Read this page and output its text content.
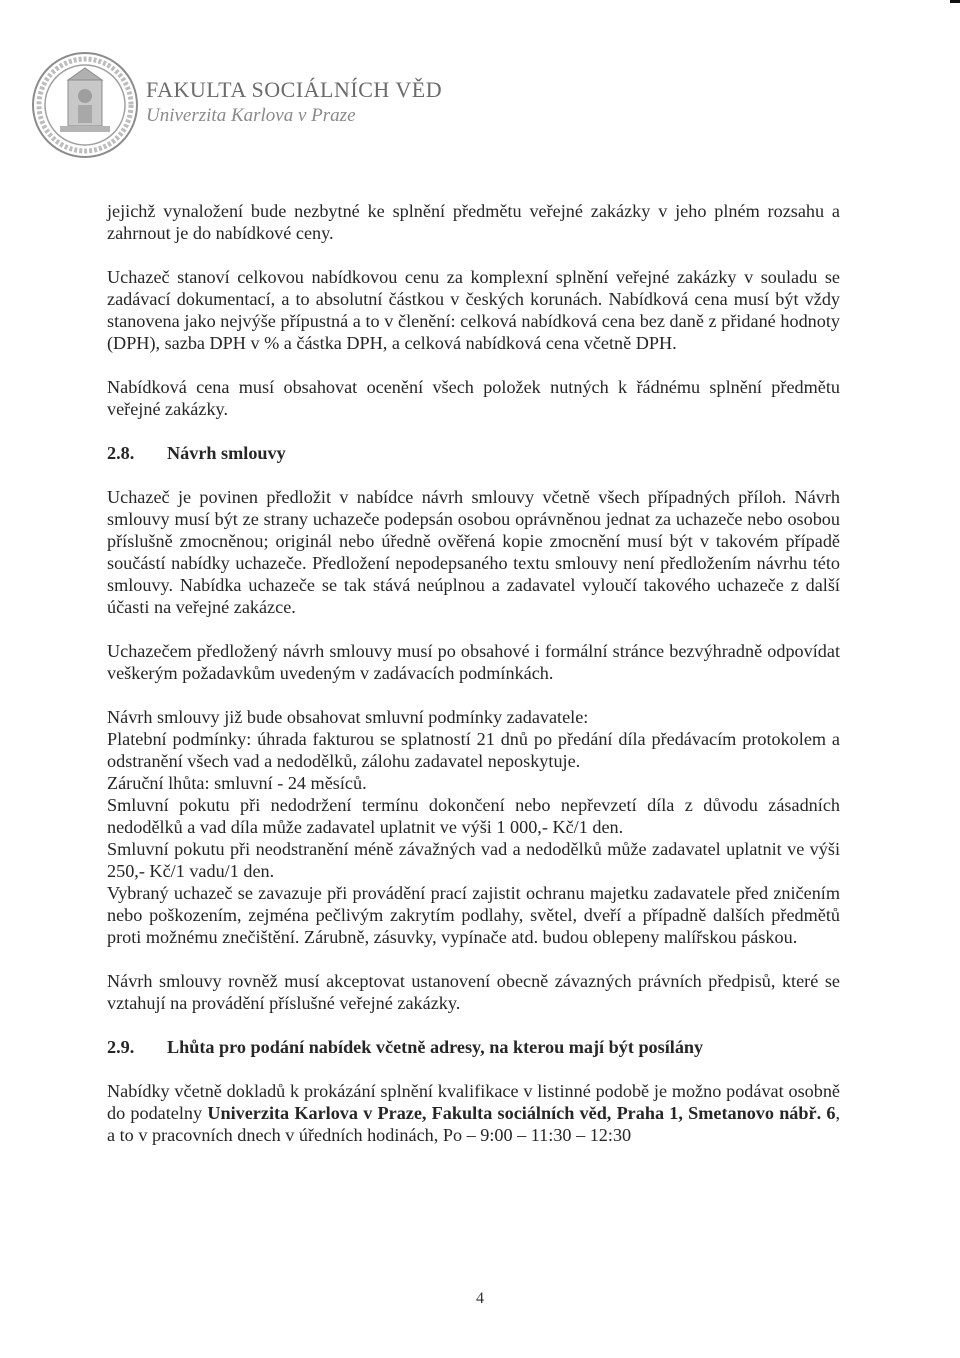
FAKULTA SOCIÁLNÍCH VĚD
Univerzita Karlova v Praze

jejichž vynaložení bude nezbytné ke splnění předmětu veřejné zakázky v jeho plném rozsahu a zahrnout je do nabídkové ceny.

Uchazeč stanoví celkovou nabídkovou cenu za komplexní splnění veřejné zakázky v souladu se zadávací dokumentací, a to absolutní částkou v českých korunách. Nabídková cena musí být vždy stanovena jako nejvýše přípustná a to v členění: celková nabídková cena bez daně z přidané hodnoty (DPH), sazba DPH v % a částka DPH, a celková nabídková cena včetně DPH.

Nabídková cena musí obsahovat ocenění všech položek nutných k řádnému splnění předmětu veřejné zakázky.

2.8.	Návrh smlouvy

Uchazeč je povinen předložit v nabídce návrh smlouvy včetně všech případných příloh. Návrh smlouvy musí být ze strany uchazeče podepsán osobou oprávněnou jednat za uchazeče nebo osobou příslušně zmocněnou; originál nebo úředně ověřená kopie zmocnění musí být v takovém případě součástí nabídky uchazeče. Předložení nepodepsaného textu smlouvy není předložením návrhu této smlouvy. Nabídka uchazeče se tak stává neúplnou a zadavatel vyloučí takového uchazeče z další účasti na veřejné zakázce.

Uchazečem předložený návrh smlouvy musí po obsahové i formální stránce bezvýhradně odpovídat veškerým požadavkům uvedeným v zadávacích podmínkách.

Návrh smlouvy již bude obsahovat smluvní podmínky zadavatele:

Platební podmínky: úhrada fakturou se splatností 21 dnů po předání díla předávacím protokolem a odstranění všech vad a nedodělků, zálohu zadavatel neposkytuje.

Záruční lhůta: smluvní - 24 měsíců.

Smluvní pokutu při nedodržení termínu dokončení nebo nepřevzetí díla z důvodu zásadních nedodělků a vad díla může zadavatel uplatnit ve výši 1 000,- Kč/1 den.

Smluvní pokutu při neodstranění méně závažných vad a nedodělků může zadavatel uplatnit ve výši 250,- Kč/1 vadu/1 den.

Vybraný uchazeč se zavazuje při provádění prací zajistit ochranu majetku zadavatele před zničením nebo poškozením, zejména pečlivým zakrytím podlahy, světel, dveří a případně dalších předmětů proti možnému znečištění. Zárubně, zásuvky, vypínače atd. budou oblepeny malířskou páskou.

Návrh smlouvy rovněž musí akceptovat ustanovení obecně závazných právních předpisů, které se vztahují na provádění příslušné veřejné zakázky.

2.9.	Lhůta pro podání nabídek včetně adresy, na kterou mají být posílány

Nabídky včetně dokladů k prokázání splnění kvalifikace v listinné podobě je možno podávat osobně do podatelny Univerzita Karlova v Praze, Fakulta sociálních věd, Praha 1, Smetanovo nábř. 6, a to v pracovních dnech v úředních hodinách, Po – 9:00 – 11:30 – 12:30

4
